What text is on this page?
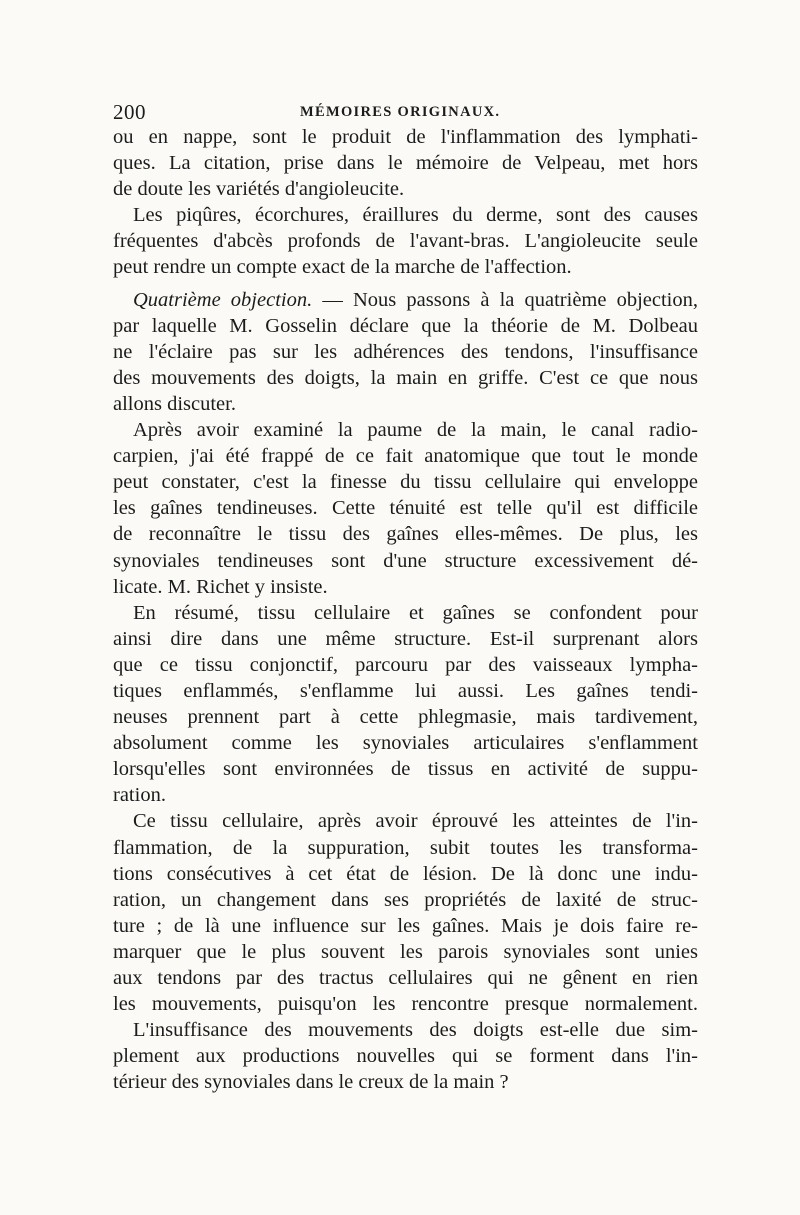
200	MÉMOIRES ORIGINAUX.
ou en nappe, sont le produit de l'inflammation des lymphati-
ques. La citation, prise dans le mémoire de Velpeau, met hors
de doute les variétés d'angioleucite.
Les piqûres, écorchures, éraillures du derme, sont des causes
fréquentes d'abcès profonds de l'avant-bras. L'angioleucite seule
peut rendre un compte exact de la marche de l'affection.
Quatrième objection. — Nous passons à la quatrième objection,
par laquelle M. Gosselin déclare que la théorie de M. Dolbeau
ne l'éclaire pas sur les adhérences des tendons, l'insuffisance
des mouvements des doigts, la main en griffe. C'est ce que nous
allons discuter.
Après avoir examiné la paume de la main, le canal radio-
carpien, j'ai été frappé de ce fait anatomique que tout le monde
peut constater, c'est la finesse du tissu cellulaire qui enveloppe
les gaînes tendineuses. Cette ténuité est telle qu'il est difficile
de reconnaître le tissu des gaînes elles-mêmes. De plus, les
synoviales tendineuses sont d'une structure excessivement dé-
licate. M. Richet y insiste.
En résumé, tissu cellulaire et gaînes se confondent pour
ainsi dire dans une même structure. Est-il surprenant alors
que ce tissu conjonctif, parcouru par des vaisseaux lympha-
tiques enflammés, s'enflamme lui aussi. Les gaînes tendi-
neuses prennent part à cette phlegmasie, mais tardivement,
absolument comme les synoviales articulaires s'enflamment
lorsqu'elles sont environnées de tissus en activité de suppu-
ration.
Ce tissu cellulaire, après avoir éprouvé les atteintes de l'in-
flammation, de la suppuration, subit toutes les transforma-
tions consécutives à cet état de lésion. De là donc une indu-
ration, un changement dans ses propriétés de laxité de struc-
ture ; de là une influence sur les gaînes. Mais je dois faire re-
marquer que le plus souvent les parois synoviales sont unies
aux tendons par des tractus cellulaires qui ne gênent en rien
les mouvements, puisqu'on les rencontre presque normalement.
L'insuffisance des mouvements des doigts est-elle due sim-
plement aux productions nouvelles qui se forment dans l'in-
térieur des synoviales dans le creux de la main ?
